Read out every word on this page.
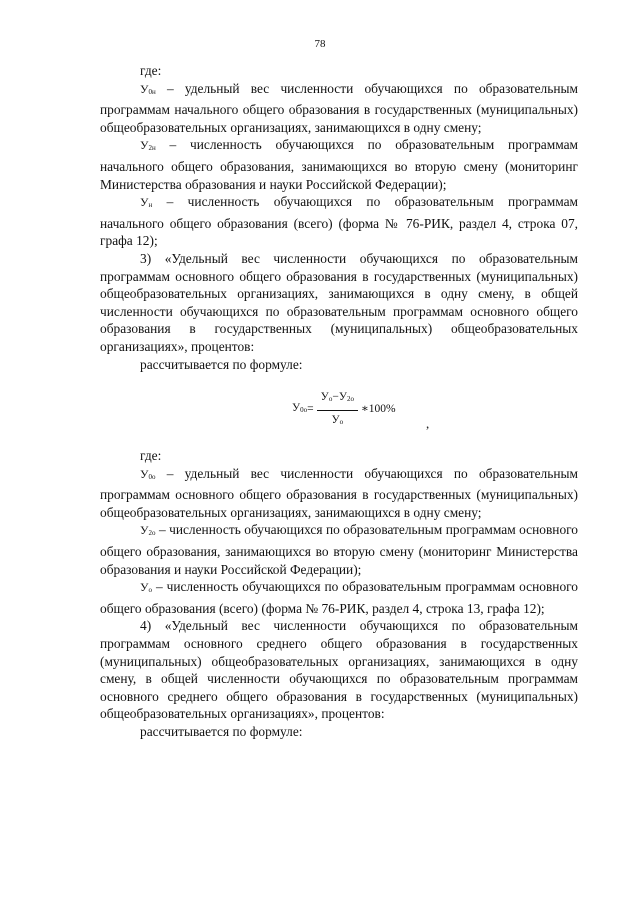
78

где:

$У_{0н}$ – удельный вес численности обучающихся по образовательным программам начального общего образования в государственных (муниципальных) общеобразовательных организациях, занимающихся в одну смену;

$У_{2н}$ – численность обучающихся по образовательным программам начального общего образования, занимающихся во вторую смену (мониторинг Министерства образования и науки Российской Федерации);

$У_н$ – численность обучающихся по образовательным программам начального общего образования (всего) (форма № 76-РИК, раздел 4, строка 07, графа 12);

3) «Удельный вес численности обучающихся по образовательным программам основного общего образования в государственных (муниципальных) общеобразовательных организациях, занимающихся в одну смену, в общей численности обучающихся по образовательным программам основного общего образования в государственных (муниципальных) общеобразовательных организациях», процентов:

рассчитывается по формуле:

$У_{0о} = \frac{У_о-У_{2о}}{У_о}$ ∗100%
,

где:

$У_{0о}$ – удельный вес численности обучающихся по образовательным программам основного общего образования в государственных (муниципальных) общеобразовательных организациях, занимающихся в одну смену;

$У_{2о}$ – численность обучающихся по образовательным программам основного общего образования, занимающихся во вторую смену (мониторинг Министерства образования и науки Российской Федерации);

$У_о$ – численность обучающихся по образовательным программам основного общего образования (всего) (форма № 76-РИК, раздел 4, строка 13, графа 12);

4) «Удельный вес численности обучающихся по образовательным программам основного среднего общего образования в государственных (муниципальных) общеобразовательных организациях, занимающихся в одну смену, в общей численности обучающихся по образовательным программам основного среднего общего образования в государственных (муниципальных) общеобразовательных организациях», процентов:

рассчитывается по формуле:
